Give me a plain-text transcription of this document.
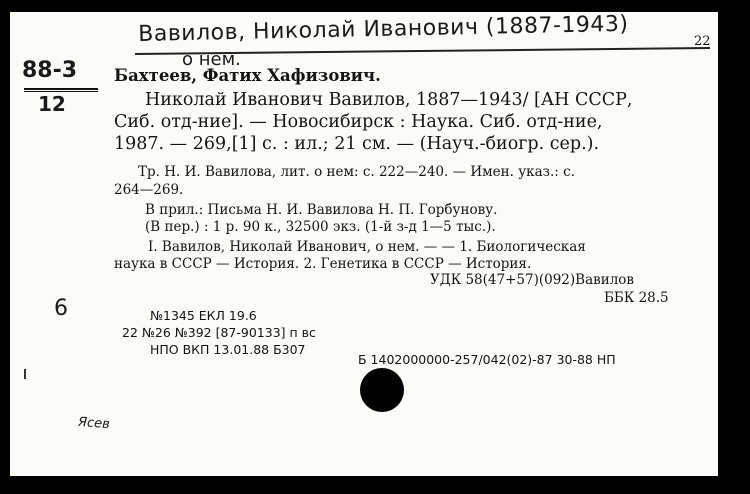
Вавилов, Николай Иванович (1887-1943)
о нем.
22
88-3
12
Бахтеев, Фатих Хафизович.
Николай Иванович Вавилов, 1887—1943/ [АН СССР,
Сиб. отд-ние]. — Новосибирск : Наука. Сиб. отд-ние,
1987. — 269,[1] с. : ил.; 21 см. — (Науч.-биогр. сер.).
Тр. Н. И. Вавилова, лит. о нем: с. 222—240. — Имен. указ.: с.
264—269.
В прил.: Письма Н. И. Вавилова Н. П. Горбунову.
(В пер.) : 1 р. 90 к., 32500 экз. (1-й з-д 1—5 тыс.).
I. Вавилов, Николай Иванович, о нем. — — 1. Биологическая
наука в СССР — История. 2. Генетика в СССР — История.
УДК 58(47+57)(092)Вавилов
ББК 28.5
№1345 ЕКЛ 19.6
22 №26 №392 [87-90133] п вс
НПО ВКП 13.01.88 Б307
Б 1402000000-257/042(02)-87 30-88 НП
6
Ясев
